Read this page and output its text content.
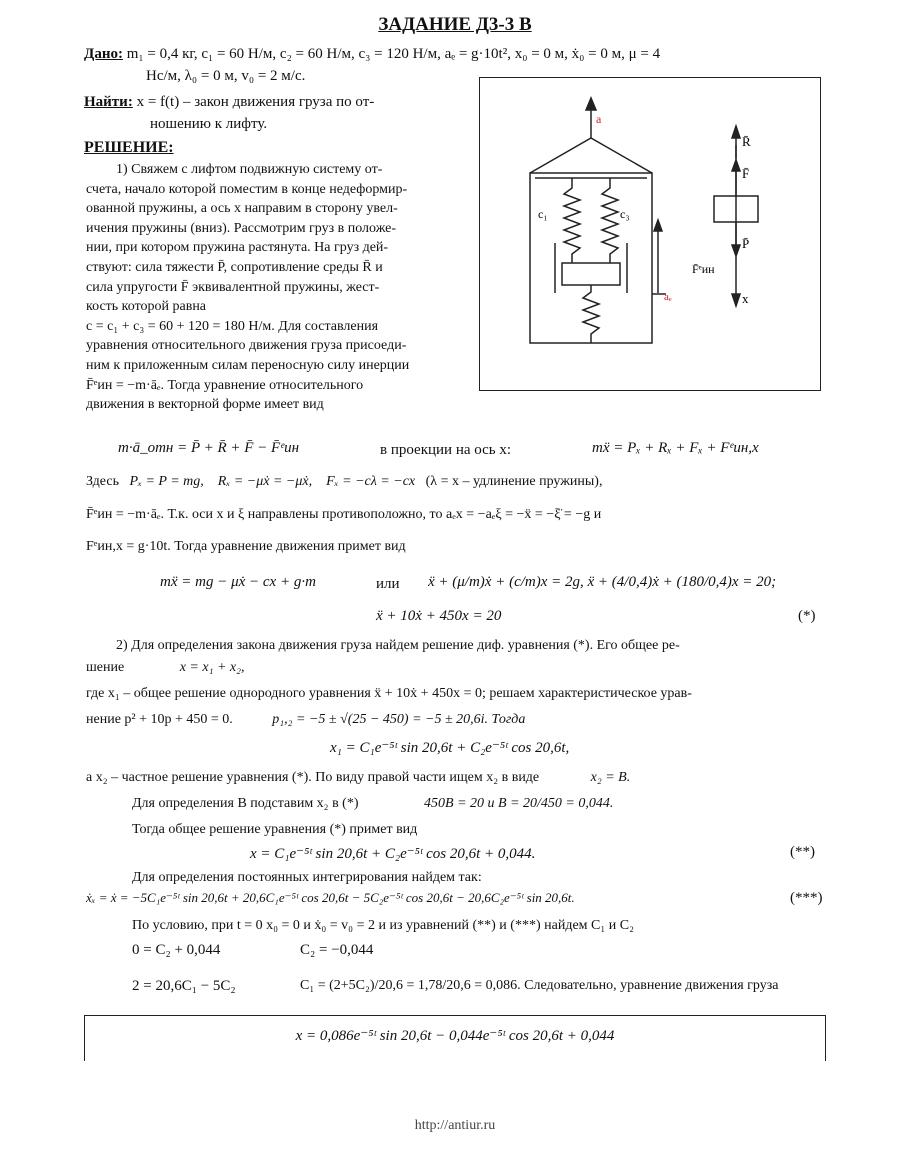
ЗАДАНИЕ Д3-3 В
Дано: m₁ = 0,4 кг, c₁ = 60 Н/м, c₂ = 60 Н/м, c₃ = 120 Н/м, aₑ = g·10t², x₀ = 0 м, ẋ₀ = 0 м, μ = 4
Нс/м, λ₀ = 0 м, v₀ = 2 м/с.
Найти: x = f(t) – закон движения груза по от-
ношению к лифту.
РЕШЕНИЕ:
1) Свяжем с лифтом подвижную систему от-
счета, начало которой поместим в конце недеформир-
ованной пружины, а ось x направим в сторону увел-
ичения пружины (вниз). Рассмотрим груз в положе-
нии, при котором пружина растянута. На груз дей-
ствуют: сила тяжести P̄, сопротивление среды R̄ и
сила упругости F̄ эквивалентной пружины, жест-
кость которой равна
c = c₁ + c₃ = 60 + 120 = 180 Н/м. Для составления
уравнения относительного движения груза присоеди-
ним к приложенным силам переносную силу инерции
F̄ᵉин = −m·āₑ. Тогда уравнение относительного
движения в векторной форме имеет вид
a
c₁	c₃
aₑ
R̄
F̄
P̄
F̄ᵉин
x
m·ā_отн = P̄ + R̄ + F̄ − F̄ᵉин	в проекции на ось x:	mẍ = Pₓ + Rₓ + Fₓ + Fᵉин,x
Здесь Pₓ = P = mg, Rₓ = −μẋ = −μẋ, Fₓ = −cλ = −cx (λ = x – удлинение пружины),
F̄ᵉин = −m·āₑ. Т.к. оси x и ξ направлены противоположно, то aₑx = −aₑξ = −ẍ = −ξ̈ = −g и
Fᵉин,x = g·10t. Тогда уравнение движения примет вид
mẍ = mg − μẋ − cx + g·m	или ẍ + (μ/m)ẋ + (c/m)x = 2g, ẍ + (4/0,4)ẋ + (180/0,4)x = 20;
ẍ + 10ẋ + 450x = 20	(*)
2) Для определения закона движения груза найдем решение диф. уравнения (*). Его общее ре-
шение	x = x₁ + x₂,
где x₁ – общее решение однородного уравнения ẍ + 10ẋ + 450x = 0; решаем характеристическое урав-
нение p² + 10p + 450 = 0.	p₁,₂ = −5 ± √(25 − 450) = −5 ± 20,6i. Тогда
x₁ = C₁e⁻⁵ᵗ sin 20,6t + C₂e⁻⁵ᵗ cos 20,6t,
а x₂ – частное решение уравнения (*). По виду правой части ищем x₂ в виде	x₂ = B.
Для определения B подставим x₂ в (*)	450B = 20 и B = 20/450 = 0,044.
Тогда общее решение уравнения (*) примет вид
x = C₁e⁻⁵ᵗ sin 20,6t + C₂e⁻⁵ᵗ cos 20,6t + 0,044.	(**)
Для определения постоянных интегрирования найдем так:
ẋₓ = ẋ = −5C₁e⁻⁵ᵗ sin 20,6t + 20,6C₁e⁻⁵ᵗ cos 20,6t − 5C₂e⁻⁵ᵗ cos 20,6t − 20,6C₂e⁻⁵ᵗ sin 20,6t.	(***)
По условию, при t = 0 x₀ = 0 и ẋ₀ = v₀ = 2 и из уравнений (**) и (***) найдем C₁ и C₂
0 = C₂ + 0,044	C₂ = −0,044
2 = 20,6C₁ − 5C₂	C₁ = (2+5C₂)/20,6 = 1,78/20,6 = 0,086. Следовательно, уравнение движения груза
x = 0,086e⁻⁵ᵗ sin 20,6t − 0,044e⁻⁵ᵗ cos 20,6t + 0,044
http://antiur.ru
